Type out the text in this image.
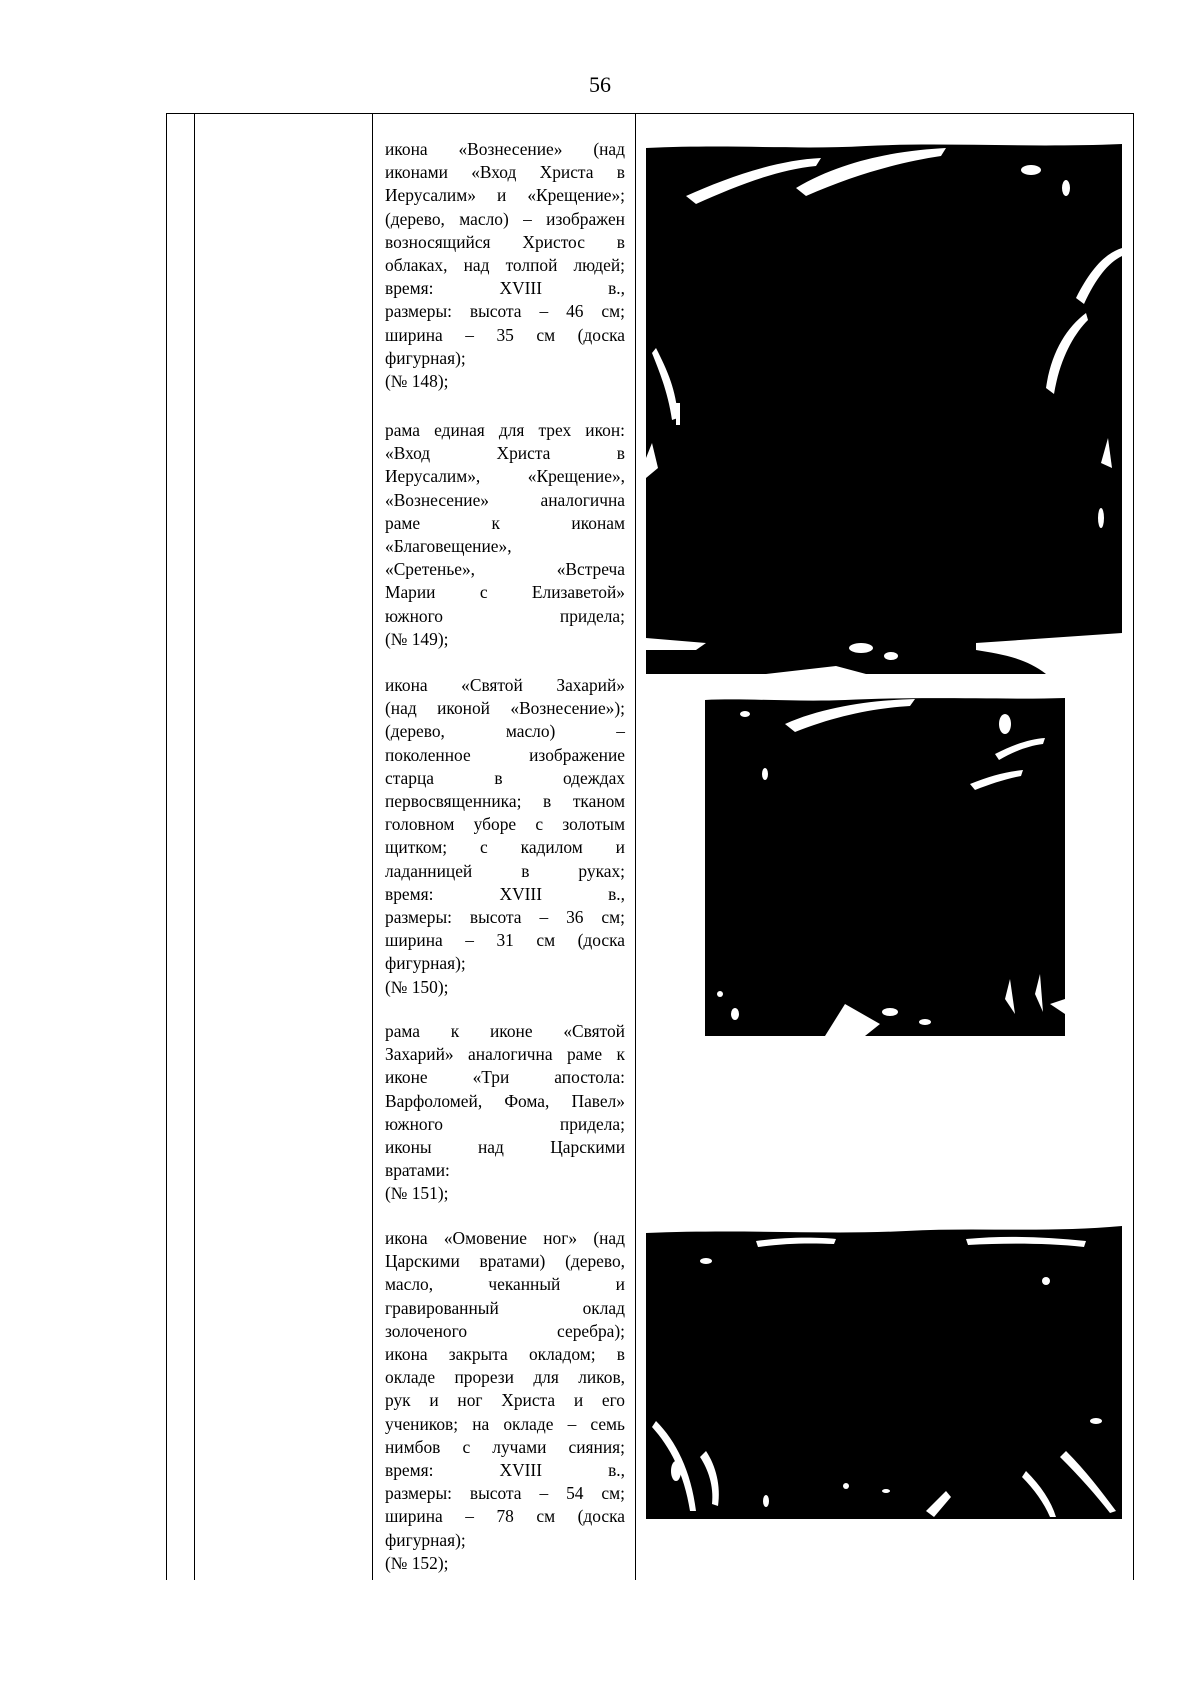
56
икона «Вознесение» (над
иконами «Вход Христа в
Иерусалим» и «Крещение»;
(дерево, масло) – изображен
возносящийся Христос в
облаках, над толпой людей;
время: XVIII в.,
размеры: высота – 46 см;
ширина – 35 см (доска
фигурная);
(№ 148);
рама единая для трех икон:
«Вход Христа в
Иерусалим», «Крещение»,
«Вознесение» аналогична
раме к иконам
«Благовещение»,
«Сретенье», «Встреча
Марии с Елизаветой»
южного придела;
(№ 149);
икона «Святой Захарий»
(над иконой «Вознесение»);
(дерево, масло) –
поколенное изображение
старца в одеждах
первосвященника; в тканом
головном уборе с золотым
щитком; с кадилом и
ладанницей в руках;
время: XVIII в.,
размеры: высота – 36 см;
ширина – 31 см (доска
фигурная);
(№ 150);
рама к иконе «Святой
Захарий» аналогична раме к
иконе «Три апостола:
Варфоломей, Фома, Павел»
южного придела;
иконы над Царскими
вратами:
(№ 151);
икона «Омовение ног» (над
Царскими вратами) (дерево,
масло, чеканный и
гравированный оклад
золоченого серебра);
икона закрыта окладом; в
окладе прорези для ликов,
рук и ног Христа и его
учеников; на окладе – семь
нимбов с лучами сияния;
время: XVIII в.,
размеры: высота – 54 см;
ширина – 78 см (доска
фигурная);
(№ 152);
